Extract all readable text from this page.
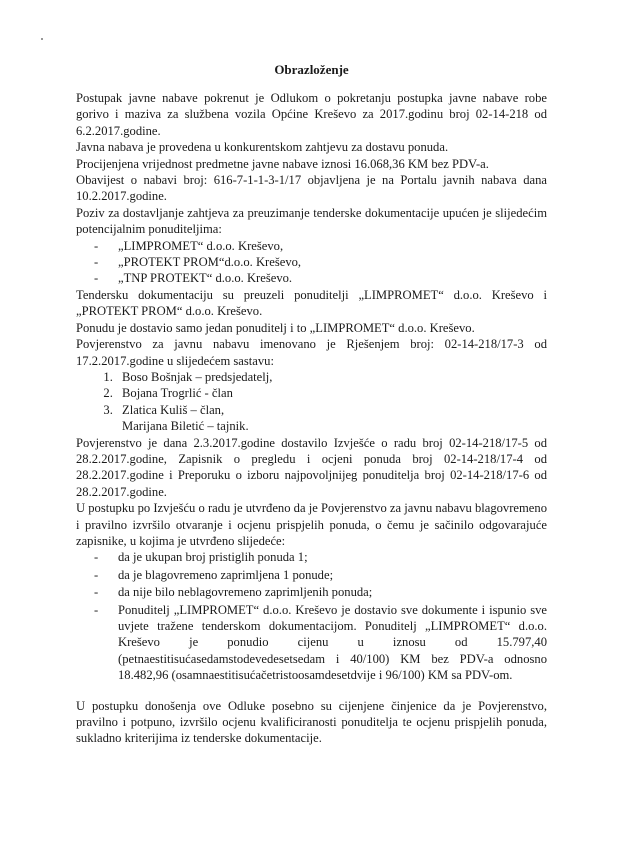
Obrazloženje

Postupak javne nabave pokrenut je Odlukom o pokretanju postupka javne nabave robe gorivo i maziva za službena vozila Općine Kreševo za 2017.godinu broj 02-14-218 od 6.2.2017.godine.

Javna nabava je provedena u konkurentskom zahtjevu za dostavu ponuda.

Procijenjena vrijednost predmetne javne nabave iznosi 16.068,36 KM bez PDV-a.

Obavijest o nabavi broj: 616-7-1-1-3-1/17 objavljena je na Portalu javnih nabava dana 10.2.2017.godine.

Poziv za dostavljanje zahtjeva za preuzimanje tenderske dokumentacije upućen je slijedećim potencijalnim ponuditeljima:

- „LIMPROMET“ d.o.o. Kreševo,
- „PROTEKT PROM“d.o.o. Kreševo,
- „TNP PROTEKT“ d.o.o. Kreševo.

Tendersku dokumentaciju su preuzeli ponuditelji „LIMPROMET“ d.o.o. Kreševo i „PROTEKT PROM“ d.o.o. Kreševo.

Ponudu je dostavio samo jedan ponuditelj i to „LIMPROMET“ d.o.o. Kreševo.

Povjerenstvo za javnu nabavu imenovano je Rješenjem broj: 02-14-218/17-3 od 17.2.2017.godine u slijedećem sastavu:

1. Boso Bošnjak – predsjedatelj,
2. Bojana Trogrlić - član
3. Zlatica Kuliš – član,
Marijana Biletić – tajnik.

Povjerenstvo je dana 2.3.2017.godine dostavilo Izvješće o radu broj 02-14-218/17-5 od 28.2.2017.godine, Zapisnik o pregledu i ocjeni ponuda broj 02-14-218/17-4 od 28.2.2017.godine i Preporuku o izboru najpovoljnijeg ponuditelja broj 02-14-218/17-6 od 28.2.2017.godine.

U postupku po Izvješću o radu je utvrđeno da je Povjerenstvo za javnu nabavu blagovremeno i pravilno izvršilo otvaranje i ocjenu prispjelih ponuda, o čemu je sačinilo odgovarajuće zapisnike, u kojima je utvrđeno slijedeće:

- da je ukupan broj pristiglih ponuda 1;
- da je blagovremeno zaprimljena 1 ponude;
- da nije bilo neblagovremeno zaprimljenih ponuda;
- Ponuditelj „LIMPROMET“ d.o.o. Kreševo je dostavio sve dokumente i ispunio sve uvjete tražene tenderskom dokumentacijom. Ponuditelj „LIMPROMET“ d.o.o. Kreševo je ponudio cijenu u iznosu od 15.797,40 (petnaestitisućasedamstodevedesetsedam i 40/100) KM bez PDV-a odnosno 18.482,96 (osamnaestitisućačetristoosamdesetdvije i 96/100) KM sa PDV-om.

U postupku donošenja ove Odluke posebno su cijenjene činjenice da je Povjerenstvo, pravilno i potpuno, izvršilo ocjenu kvalificiranosti ponuditelja te ocjenu prispjelih ponuda, sukladno kriterijima iz tenderske dokumentacije.
